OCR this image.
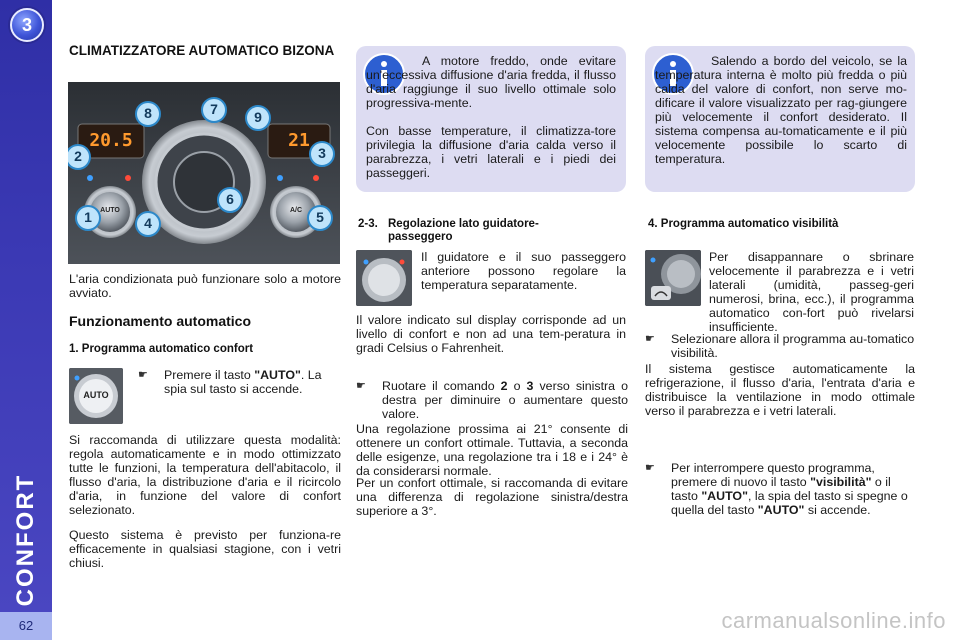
3
CONFORT
62
CLIMATIZZATORE AUTOMATICO BIZONA
8	7	9
2	3
6
1	4	5
20.5	21
AUTO	A/C

L'aria condizionata può funzionare solo a motore avviato.

Funzionamento automatico
1. Programma automatico confort
AUTO
☛	Premere il tasto "AUTO". La spia sul tasto si accende.

Si raccomanda di utilizzare questa modalità: regola automaticamente e in modo ottimizzato tutte le funzioni, la temperatura dell'abitacolo, il flusso d'aria, la distribuzione d'aria e il ricircolo d'aria, in funzione del valore di confort selezionato.

Questo sistema è previsto per funziona-re efficacemente in qualsiasi stagione, con i vetri chiusi.

A motore freddo, onde evitare un'eccessiva diffusione d'aria fredda, il flusso d'aria raggiunge il suo livello ottimale solo progressiva-mente.

Con basse temperature, il climatizza-tore privilegia la diffusione d'aria calda verso il parabrezza, i vetri laterali e i piedi dei passeggeri.

Salendo a bordo del veicolo, se la temperatura interna è molto più fredda o più calda del valore di confort, non serve mo-dificare il valore visualizzato per rag-giungere più velocemente il confort desiderato. Il sistema compensa au-tomaticamente e il più velocemente possibile lo scarto di temperatura.

2-3. Regolazione lato guidatore-
passeggero

Il guidatore e il suo passeggero anteriore possono regolare la temperatura separatamente.

Il valore indicato sul display corrisponde ad un livello di confort e non ad una tem-peratura in gradi Celsius o Fahrenheit.

☛	Ruotare il comando 2 o 3 verso sinistra o destra per diminuire o aumentare questo valore.

Una regolazione prossima ai 21° consente di ottenere un confort ottimale. Tuttavia, a seconda delle esigenze, una regolazione tra i 18 e i 24° è da considerarsi normale.

Per un confort ottimale, si raccomanda di evitare una differenza di regolazione sinistra/destra superiore a 3°.

4. Programma automatico visibilità

Per disappannare o sbrinare velocemente il parabrezza e i vetri laterali (umidità, passeg-geri numerosi, brina, ecc.), il programma automatico con-fort può rivelarsi insufficiente.

☛	Selezionare allora il programma au-tomatico visibilità.

Il sistema gestisce automaticamente la refrigerazione, il flusso d'aria, l'entrata d'aria e distribuisce la ventilazione in modo ottimale verso il parabrezza e i vetri laterali.

☛	Per interrompere questo programma, premere di nuovo il tasto "visibilità" o il tasto "AUTO", la spia del tasto si spegne o quella del tasto "AUTO" si accende.
carmanualsonline.info
